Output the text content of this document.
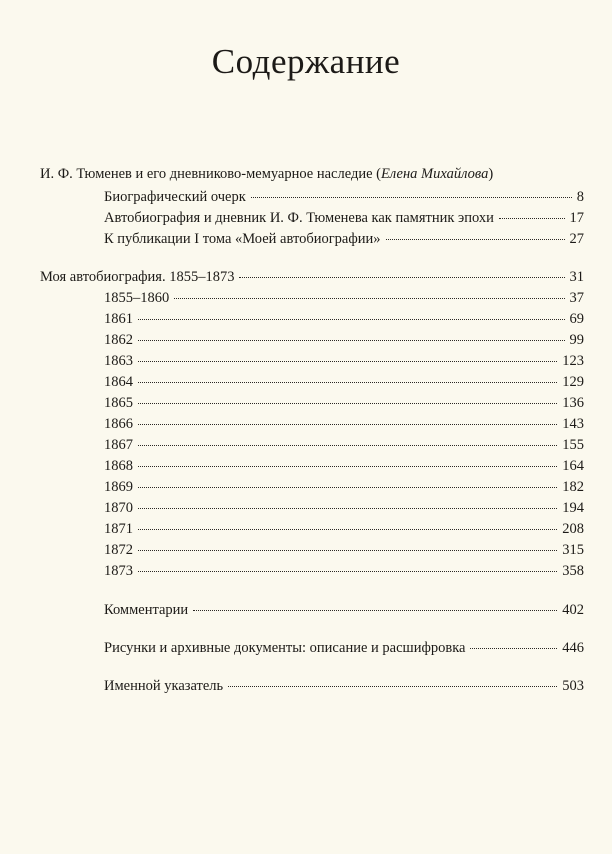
Содержание
И. Ф. Тюменев и его дневниково-мемуарное наследие (Елена Михайлова)
Биографический очерк	8
Автобиография и дневник И. Ф. Тюменева как памятник эпохи	17
К публикации I тома «Моей автобиографии»	27
Моя автобиография. 1855–1873	31
1855–1860	37
1861	69
1862	99
1863	123
1864	129
1865	136
1866	143
1867	155
1868	164
1869	182
1870	194
1871	208
1872	315
1873	358
Комментарии	402
Рисунки и архивные документы: описание и расшифровка	446
Именной указатель	503
